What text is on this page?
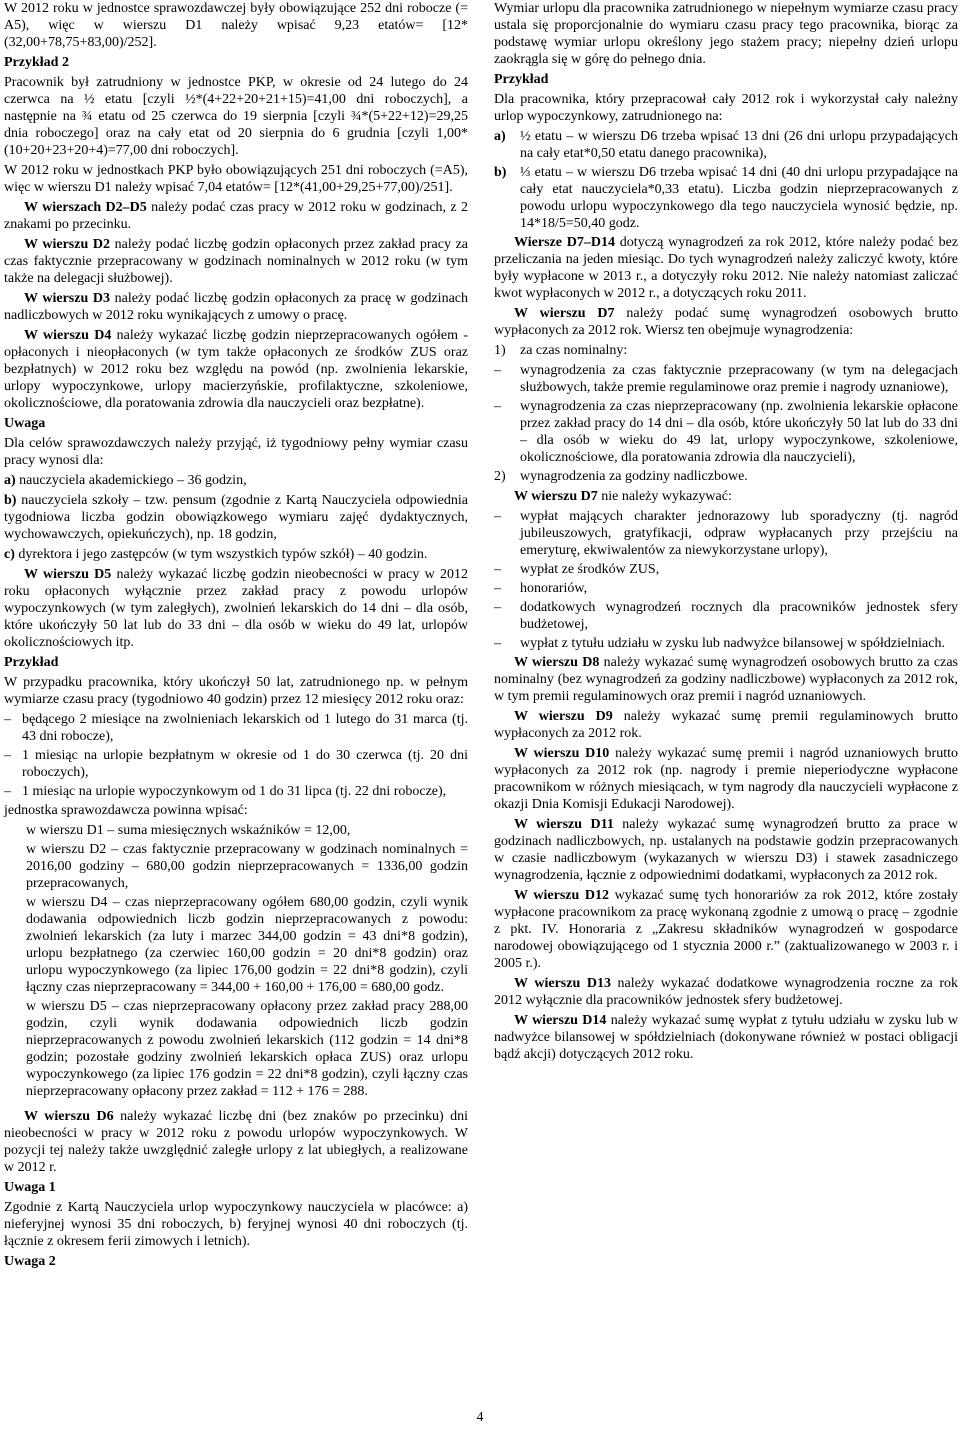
W 2012 roku w jednostce sprawozdawczej były obowiązujące 252 dni robocze (= A5), więc w wierszu D1 należy wpisać 9,23 etatów= [12*(32,00+78,75+83,00)/252].

Przykład 2

Pracownik był zatrudniony w jednostce PKP, w okresie od 24 lutego do 24 czerwca na ½ etatu [czyli ½*(4+22+20+21+15)=41,00 dni roboczych], a następnie na ¾ etatu od 25 czerwca do 19 sierpnia [czyli ¾*(5+22+12)=29,25 dnia roboczego] oraz na cały etat od 20 sierpnia do 6 grudnia [czyli 1,00*(10+20+23+20+4)=77,00 dni roboczych].

W 2012 roku w jednostkach PKP było obowiązujących 251 dni roboczych (=A5), więc w wierszu D1 należy wpisać 7,04 etatów= [12*(41,00+29,25+77,00)/251].

W wierszach D2‒D5 należy podać czas pracy w 2012 roku w godzinach, z 2 znakami po przecinku.

W wierszu D2 należy podać liczbę godzin opłaconych przez zakład pracy za czas faktycznie przepracowany w godzinach nominalnych w 2012 roku (w tym także na delegacji służbowej).

W wierszu D3 należy podać liczbę godzin opłaconych za pracę w godzinach nadliczbowych w 2012 roku wynikających z umowy o pracę.

W wierszu D4 należy wykazać liczbę godzin nieprzepracowanych ogółem - opłaconych i nieopłaconych (w tym także opłaconych ze środków ZUS oraz bezpłatnych) w 2012 roku bez względu na powód (np. zwolnienia lekarskie, urlopy wypoczynkowe, urlopy macierzyńskie, profilaktyczne, szkoleniowe, okolicznościowe, dla poratowania zdrowia dla nauczycieli oraz bezpłatne).

Uwaga

Dla celów sprawozdawczych należy przyjąć, iż tygodniowy pełny wymiar czasu pracy wynosi dla:

a) nauczyciela akademickiego ‒ 36 godzin,

b) nauczyciela szkoły ‒ tzw. pensum (zgodnie z Kartą Nauczyciela odpowiednia tygodniowa liczba godzin obowiązkowego wymiaru zajęć dydaktycznych, wychowawczych, opiekuńczych), np. 18 godzin,

c) dyrektora i jego zastępców (w tym wszystkich typów szkół) ‒ 40 godzin.

W wierszu D5 należy wykazać liczbę godzin nieobecności w pracy w 2012 roku opłaconych wyłącznie przez zakład pracy z powodu urlopów wypoczynkowych (w tym zaległych), zwolnień lekarskich do 14 dni ‒ dla osób, które ukończyły 50 lat lub do 33 dni ‒ dla osób w wieku do 49 lat, urlopów okolicznościowych itp.

Przykład

W przypadku pracownika, który ukończył 50 lat, zatrudnionego np. w pełnym wymiarze czasu pracy (tygodniowo 40 godzin) przez 12 miesięcy 2012 roku oraz:

– będącego 2 miesiące na zwolnieniach lekarskich od 1 lutego do 31 marca (tj. 43 dni robocze),
– 1 miesiąc na urlopie bezpłatnym w okresie od 1 do 30 czerwca (tj. 20 dni roboczych),
– 1 miesiąc na urlopie wypoczynkowym od 1 do 31 lipca (tj. 22 dni robocze),

jednostka sprawozdawcza powinna wpisać:

w wierszu D1 – suma miesięcznych wskaźników = 12,00,

w wierszu D2 – czas faktycznie przepracowany w godzinach nominalnych = 2016,00 godziny – 680,00 godzin nieprzepracowanych = 1336,00 godzin przepracowanych,

w wierszu D4 – czas nieprzepracowany ogółem 680,00 godzin, czyli wynik dodawania odpowiednich liczb godzin nieprzepracowanych z powodu: zwolnień lekarskich (za luty i marzec 344,00 godzin = 43 dni*8 godzin), urlopu bezpłatnego (za czerwiec 160,00 godzin = 20 dni*8 godzin) oraz urlopu wypoczynkowego (za lipiec 176,00 godzin = 22 dni*8 godzin), czyli łączny czas nieprzepracowany = 344,00 + 160,00 + 176,00 = 680,00 godz.

w wierszu D5 – czas nieprzepracowany opłacony przez zakład pracy 288,00 godzin, czyli wynik dodawania odpowiednich liczb godzin nieprzepracowanych z powodu zwolnień lekarskich (112 godzin = 14 dni*8 godzin; pozostałe godziny zwolnień lekarskich opłaca ZUS) oraz urlopu wypoczynkowego (za lipiec 176 godzin = 22 dni*8 godzin), czyli łączny czas nieprzepracowany opłacony przez zakład = 112 + 176 = 288.

W wierszu D6 należy wykazać liczbę dni (bez znaków po przecinku) dni nieobecności w pracy w 2012 roku z powodu urlopów wypoczynkowych. W pozycji tej należy także uwzględnić zaległe urlopy z lat ubiegłych, a realizowane w 2012 r.

Uwaga 1

Zgodnie z Kartą Nauczyciela urlop wypoczynkowy nauczyciela w placówce: a) nieferyjnej wynosi 35 dni roboczych, b) feryjnej wynosi 40 dni roboczych (tj. łącznie z okresem ferii zimowych i letnich).

Uwaga 2

Wymiar urlopu dla pracownika zatrudnionego w niepełnym wymiarze czasu pracy ustala się proporcjonalnie do wymiaru czasu pracy tego pracownika, biorąc za podstawę wymiar urlopu określony jego stażem pracy; niepełny dzień urlopu zaokrągla się w górę do pełnego dnia.

Przykład

Dla pracownika, który przepracował cały 2012 rok i wykorzystał cały należny urlop wypoczynkowy, zatrudnionego na:

a) ½ etatu – w wierszu D6 trzeba wpisać 13 dni (26 dni urlopu przypadających na cały etat*0,50 etatu danego pracownika),
b) ⅓ etatu – w wierszu D6 trzeba wpisać 14 dni (40 dni urlopu przypadające na cały etat nauczyciela*0,33 etatu). Liczba godzin nieprzepracowanych z powodu urlopu wypoczynkowego dla tego nauczyciela wynosić będzie, np. 14*18/5=50,40 godz.

Wiersze D7‒D14 dotyczą wynagrodzeń za rok 2012, które należy podać bez przeliczania na jeden miesiąc. Do tych wynagrodzeń należy zaliczyć kwoty, które były wypłacone w 2013 r., a dotyczyły roku 2012. Nie należy natomiast zaliczać kwot wypłaconych w 2012 r., a dotyczących roku 2011.

W wierszu D7 należy podać sumę wynagrodzeń osobowych brutto wypłaconych za 2012 rok. Wiersz ten obejmuje wynagrodzenia:

1) za czas nominalny:
– wynagrodzenia za czas faktycznie przepracowany (w tym na delegacjach służbowych, także premie regulaminowe oraz premie i nagrody uznaniowe),
– wynagrodzenia za czas nieprzepracowany (np. zwolnienia lekarskie opłacone przez zakład pracy do 14 dni – dla osób, które ukończyły 50 lat lub do 33 dni – dla osób w wieku do 49 lat, urlopy wypoczynkowe, szkoleniowe, okolicznościowe, dla poratowania zdrowia dla nauczycieli),
2) wynagrodzenia za godziny nadliczbowe.

W wierszu D7 nie należy wykazywać:

– wypłat mających charakter jednorazowy lub sporadyczny (tj. nagród jubileuszowych, gratyfikacji, odpraw wypłacanych przy przejściu na emeryturę, ekwiwalentów za niewykorzystane urlopy),
– wypłat ze środków ZUS,
– honorariów,
– dodatkowych wynagrodzeń rocznych dla pracowników jednostek sfery budżetowej,
– wypłat z tytułu udziału w zysku lub nadwyżce bilansowej w spółdzielniach.

W wierszu D8 należy wykazać sumę wynagrodzeń osobowych brutto za czas nominalny (bez wynagrodzeń za godziny nadliczbowe) wypłaconych za 2012 rok, w tym premii regulaminowych oraz premii i nagród uznaniowych.

W wierszu D9 należy wykazać sumę premii regulaminowych brutto wypłaconych za 2012 rok.

W wierszu D10 należy wykazać sumę premii i nagród uznaniowych brutto wypłaconych za 2012 rok (np. nagrody i premie nieperiodyczne wypłacone pracownikom w różnych miesiącach, w tym nagrody dla nauczycieli wypłacone z okazji Dnia Komisji Edukacji Narodowej).

W wierszu D11 należy wykazać sumę wynagrodzeń brutto za prace w godzinach nadliczbowych, np. ustalanych na podstawie godzin przepracowanych w czasie nadliczbowym (wykazanych w wierszu D3) i stawek zasadniczego wynagrodzenia, łącznie z odpowiednimi dodatkami, wypłaconych za 2012 rok.

W wierszu D12 wykazać sumę tych honorariów za rok 2012, które zostały wypłacone pracownikom za pracę wykonaną zgodnie z umową o pracę – zgodnie z pkt. IV. Honoraria z „Zakresu składników wynagrodzeń w gospodarce narodowej obowiązującego od 1 stycznia 2000 r.” (zaktualizowanego w 2003 r. i 2005 r.).

W wierszu D13 należy wykazać dodatkowe wynagrodzenia roczne za rok 2012 wyłącznie dla pracowników jednostek sfery budżetowej.

W wierszu D14 należy wykazać sumę wypłat z tytułu udziału w zysku lub w nadwyżce bilansowej w spółdzielniach (dokonywane również w postaci obligacji bądź akcji) dotyczących 2012 roku.

4
